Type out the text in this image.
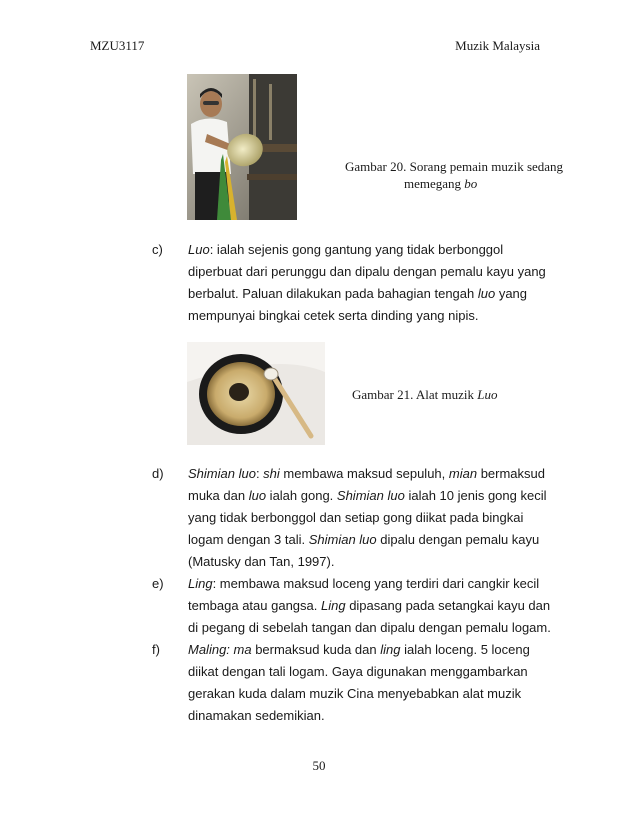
MZU3117	Muzik Malaysia
Gambar 20. Sorang pemain muzik sedang
memegang bo
c)	Luo: ialah sejenis gong gantung yang tidak berbonggol diperbuat dari perunggu dan dipalu dengan pemalu kayu yang berbalut. Paluan dilakukan pada bahagian tengah luo yang mempunyai bingkai cetek serta dinding yang nipis.
Gambar 21. Alat muzik Luo
d)	Shimian luo: shi membawa maksud sepuluh, mian bermaksud muka dan luo ialah gong. Shimian luo ialah 10 jenis gong kecil yang tidak berbonggol dan setiap gong diikat pada bingkai logam dengan 3 tali. Shimian luo dipalu dengan pemalu kayu (Matusky dan Tan, 1997).
e)	Ling: membawa maksud loceng yang terdiri dari cangkir kecil tembaga atau gangsa. Ling dipasang pada setangkai kayu dan di pegang di sebelah tangan dan dipalu dengan pemalu logam.
f)	Maling: ma bermaksud kuda dan ling ialah loceng. 5 loceng diikat dengan tali logam. Gaya digunakan menggambarkan gerakan kuda dalam muzik Cina menyebabkan alat muzik dinamakan sedemikian.
50
